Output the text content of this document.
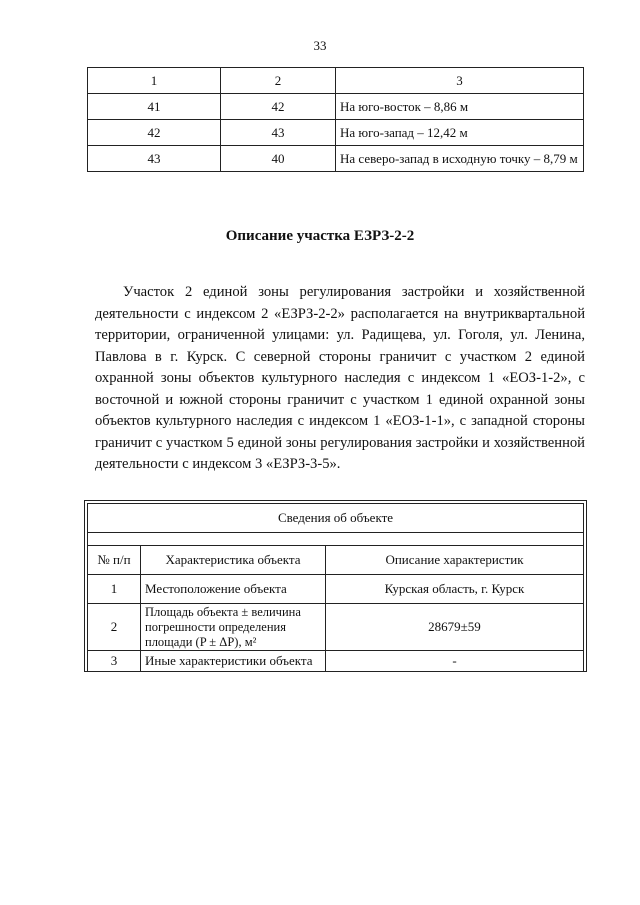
33
1	2	3
41	42	На юго-восток – 8,86 м
42	43	На юго-запад – 12,42 м
43	40	На северо-запад в исходную точку – 8,79 м
Описание участка ЕЗРЗ-2-2

Участок 2 единой зоны регулирования застройки и хозяйственной деятельности с индексом 2 «ЕЗРЗ-2-2» располагается на внутриквартальной территории, ограниченной улицами: ул. Радищева, ул. Гоголя, ул. Ленина, Павлова в г. Курск. С северной стороны граничит с участком 2 единой охранной зоны объектов культурного наследия с индексом 1 «ЕОЗ-1-2», с восточной и южной стороны граничит с участком 1 единой охранной зоны объектов культурного наследия с индексом 1 «ЕОЗ-1-1», с западной стороны граничит с участком 5 единой зоны регулирования застройки и хозяйственной деятельности с индексом 3 «ЕЗРЗ-3-5».

Сведения об объекте		

№ п/п	Характеристика объекта	Описание характеристик
1	Местоположение объекта	Курская область, г. Курск
2	Площадь объекта ± величина погрешности определения площади (P ± ΔP), м²	28679±59
3	Иные характеристики объекта	-
